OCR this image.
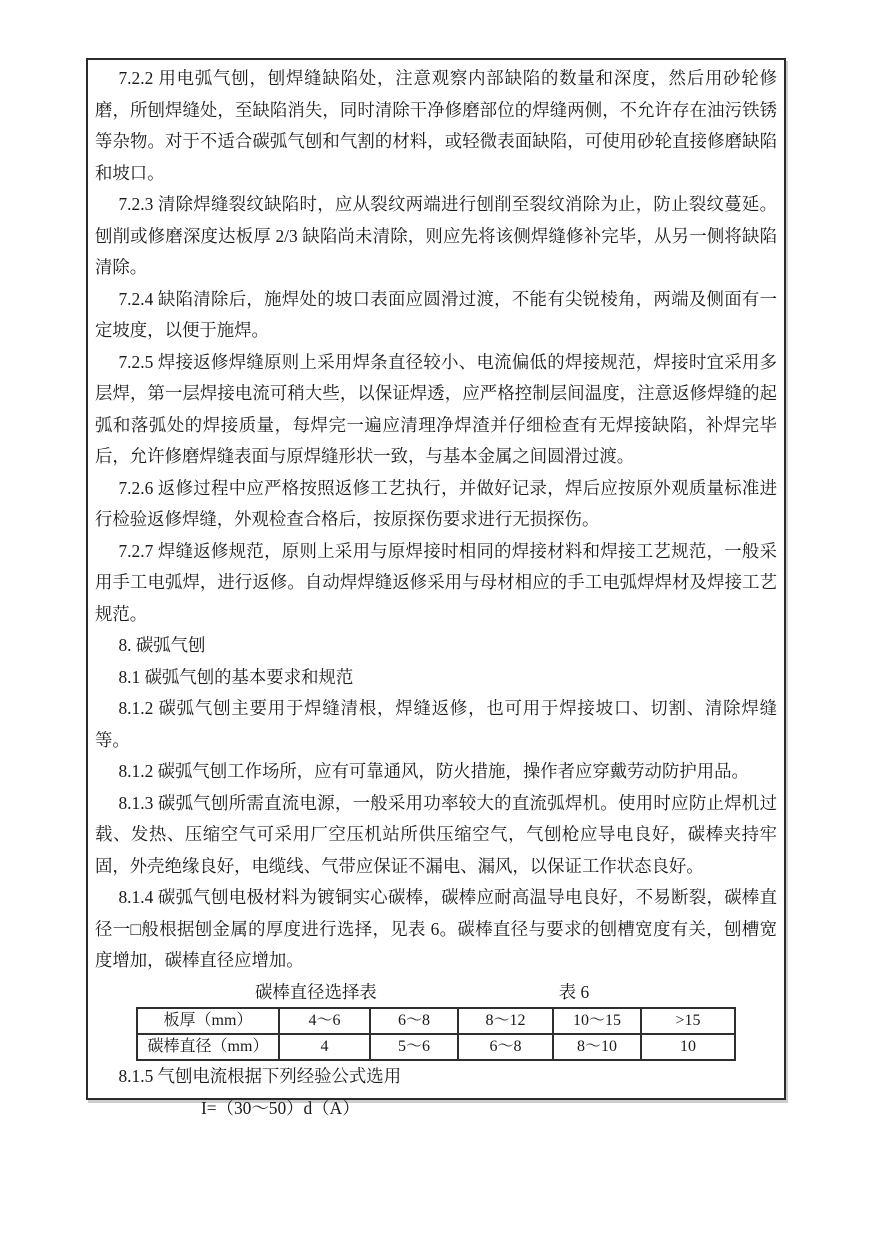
7.2.2 用电弧气刨，刨焊缝缺陷处，注意观察内部缺陷的数量和深度，然后用砂轮修磨，所刨焊缝处，至缺陷消失，同时清除干净修磨部位的焊缝两侧，不允许存在油污铁锈等杂物。对于不适合碳弧气刨和气割的材料，或轻微表面缺陷，可使用砂轮直接修磨缺陷和坡口。

7.2.3 清除焊缝裂纹缺陷时，应从裂纹两端进行刨削至裂纹消除为止，防止裂纹蔓延。刨削或修磨深度达板厚 2/3 缺陷尚未清除，则应先将该侧焊缝修补完毕，从另一侧将缺陷清除。

7.2.4 缺陷清除后，施焊处的坡口表面应圆滑过渡，不能有尖锐棱角，两端及侧面有一定坡度，以便于施焊。

7.2.5 焊接返修焊缝原则上采用焊条直径较小、电流偏低的焊接规范，焊接时宜采用多层焊，第一层焊接电流可稍大些，以保证焊透，应严格控制层间温度，注意返修焊缝的起弧和落弧处的焊接质量，每焊完一遍应清理净焊渣并仔细检查有无焊接缺陷，补焊完毕后，允许修磨焊缝表面与原焊缝形状一致，与基本金属之间圆滑过渡。

7.2.6 返修过程中应严格按照返修工艺执行，并做好记录，焊后应按原外观质量标准进行检验返修焊缝，外观检查合格后，按原探伤要求进行无损探伤。

7.2.7 焊缝返修规范，原则上采用与原焊接时相同的焊接材料和焊接工艺规范，一般采用手工电弧焊，进行返修。自动焊焊缝返修采用与母材相应的手工电弧焊焊材及焊接工艺规范。

8. 碳弧气刨

8.1 碳弧气刨的基本要求和规范

8.1.2 碳弧气刨主要用于焊缝清根，焊缝返修，也可用于焊接坡口、切割、清除焊缝等。

8.1.2 碳弧气刨工作场所，应有可靠通风，防火措施，操作者应穿戴劳动防护用品。

8.1.3 碳弧气刨所需直流电源，一般采用功率较大的直流弧焊机。使用时应防止焊机过载、发热、压缩空气可采用厂空压机站所供压缩空气，气刨枪应导电良好，碳棒夹持牢固，外壳绝缘良好，电缆线、气带应保证不漏电、漏风，以保证工作状态良好。

8.1.4 碳弧气刨电极材料为镀铜实心碳棒，碳棒应耐高温导电良好，不易断裂，碳棒直径一□般根据刨金属的厚度进行选择，见表 6。碳棒直径与要求的刨槽宽度有关，刨槽宽度增加，碳棒直径应增加。

碳棒直径选择表	表 6
板厚（mm）	4～6	6～8	8～12	10～15	>15
碳棒直径（mm）	4	5～6	6～8	8～10	10

8.1.5 气刨电流根据下列经验公式选用

I=（30～50）d（A）
